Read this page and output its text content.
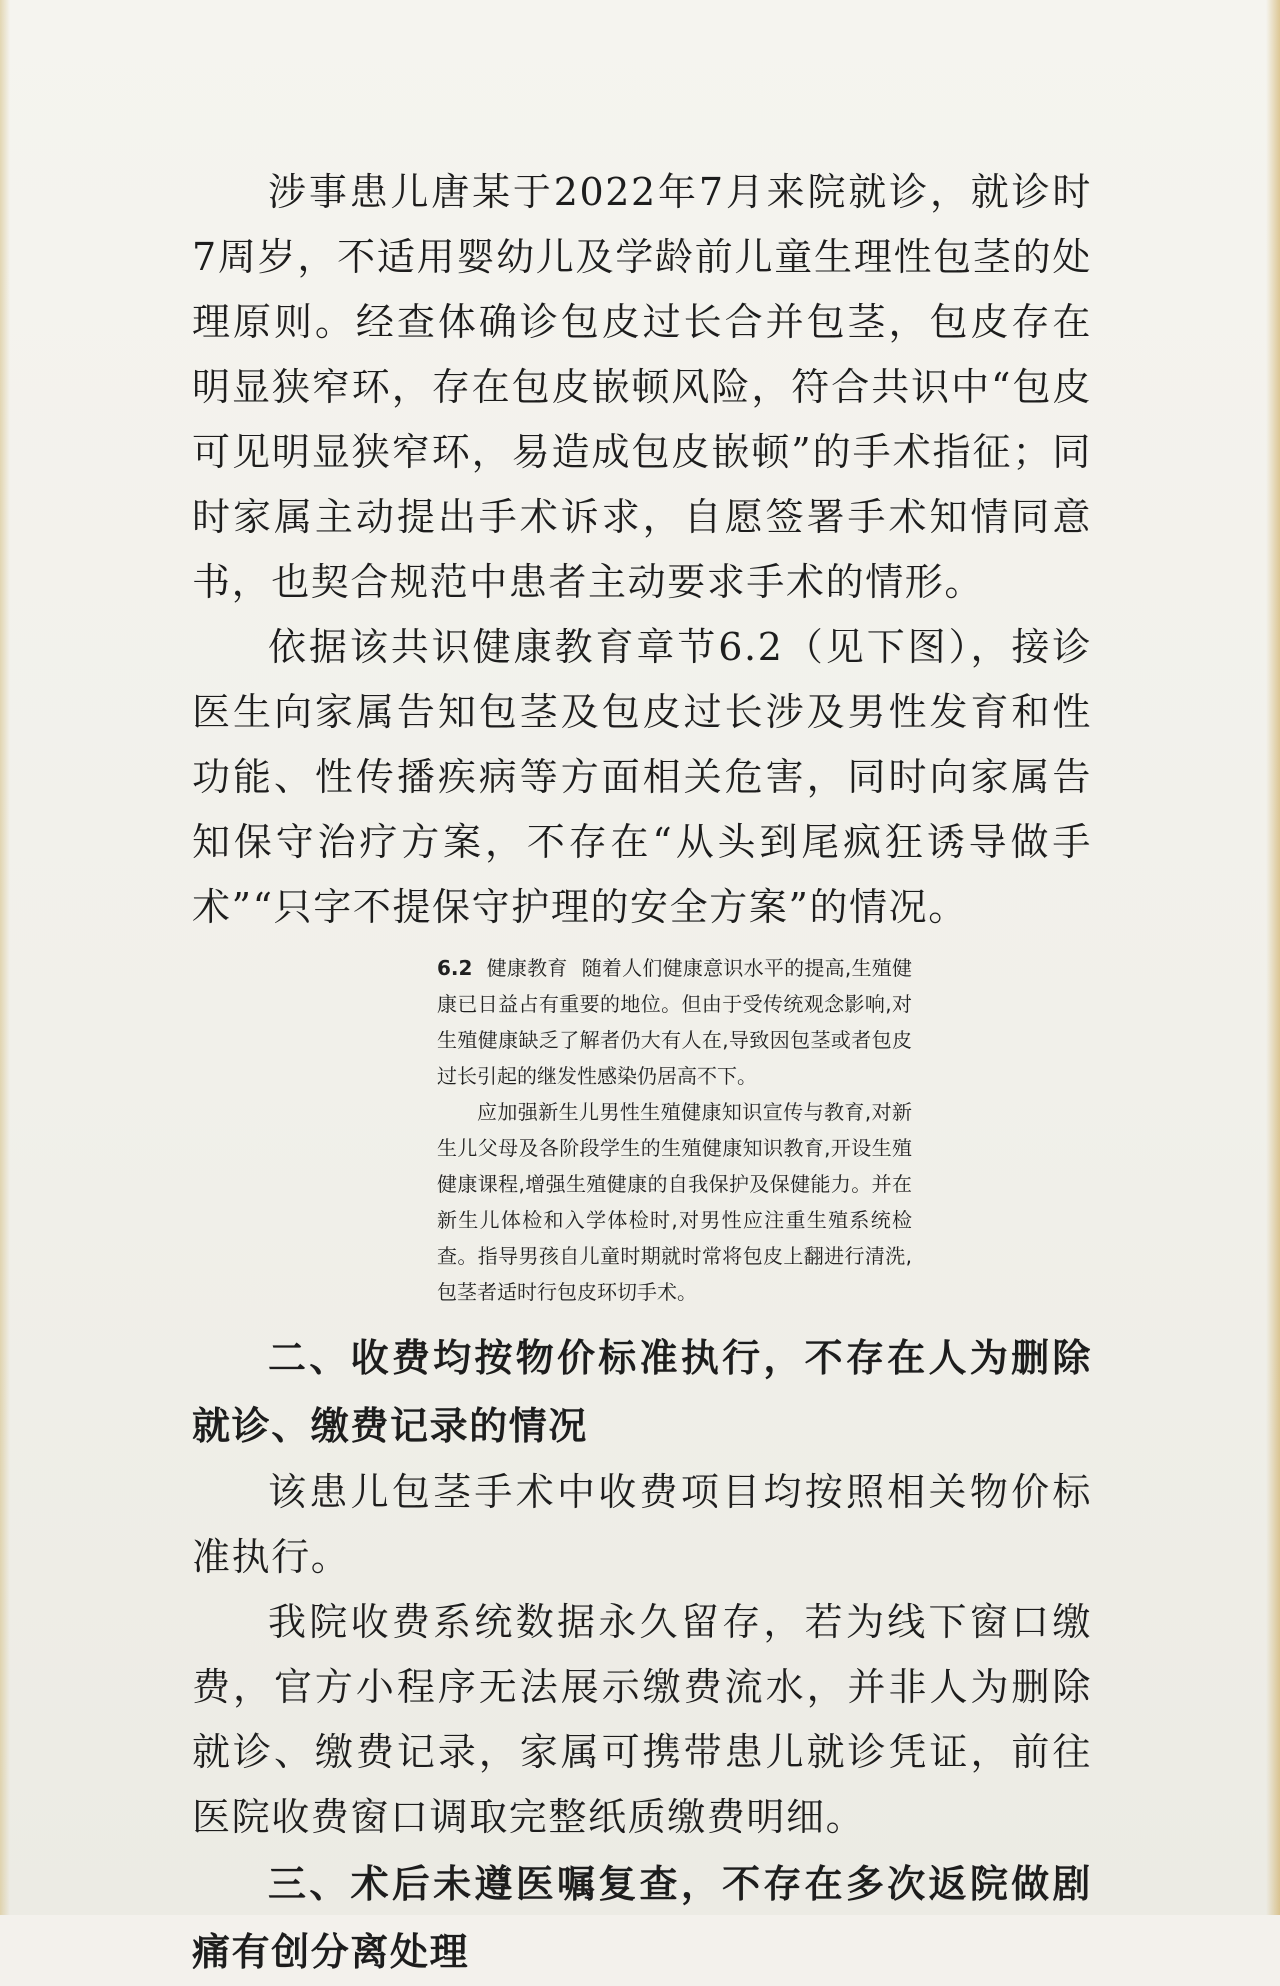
涉事患儿唐某于2022年7月来院就诊，就诊时7周岁，不适用婴幼儿及学龄前儿童生理性包茎的处理原则。经查体确诊包皮过长合并包茎，包皮存在明显狭窄环，存在包皮嵌顿风险，符合共识中“包皮可见明显狭窄环，易造成包皮嵌顿”的手术指征；同时家属主动提出手术诉求，自愿签署手术知情同意书，也契合规范中患者主动要求手术的情形。

依据该共识健康教育章节6.2（见下图），接诊医生向家属告知包茎及包皮过长涉及男性发育和性功能、性传播疾病等方面相关危害，同时向家属告知保守治疗方案，不存在“从头到尾疯狂诱导做手术”“只字不提保守护理的安全方案”的情况。

6.2 健康教育 随着人们健康意识水平的提高,生殖健康已日益占有重要的地位。但由于受传统观念影响,对生殖健康缺乏了解者仍大有人在,导致因包茎或者包皮过长引起的继发性感染仍居高不下。

应加强新生儿男性生殖健康知识宣传与教育,对新生儿父母及各阶段学生的生殖健康知识教育,开设生殖健康课程,增强生殖健康的自我保护及保健能力。并在新生儿体检和入学体检时,对男性应注重生殖系统检查。指导男孩自儿童时期就时常将包皮上翻进行清洗,包茎者适时行包皮环切手术。

二、收费均按物价标准执行，不存在人为删除就诊、缴费记录的情况

该患儿包茎手术中收费项目均按照相关物价标准执行。

我院收费系统数据永久留存，若为线下窗口缴费，官方小程序无法展示缴费流水，并非人为删除就诊、缴费记录，家属可携带患儿就诊凭证，前往医院收费窗口调取完整纸质缴费明细。

三、术后未遵医嘱复查，不存在多次返院做剧痛有创分离处理
